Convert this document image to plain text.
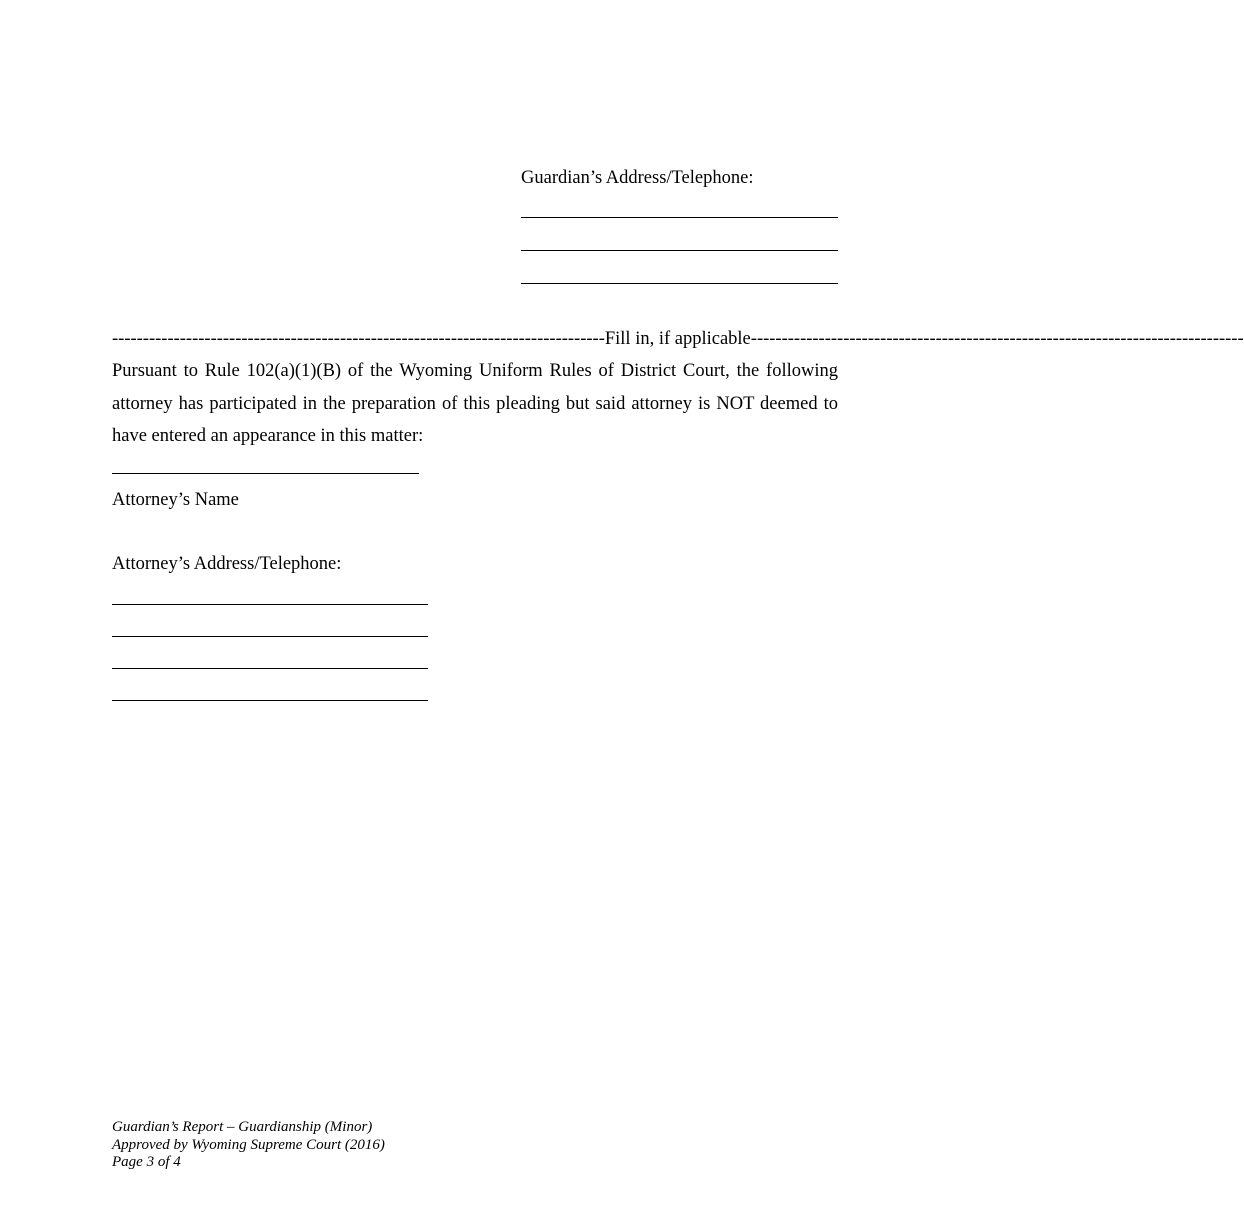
Guardian’s Address/Telephone:
-------------------------------------------------------------------------------- Fill in, if applicable --------------------------------------------------------------------------------
Pursuant to Rule 102(a)(1)(B) of the Wyoming Uniform Rules of District Court, the following attorney has participated in the preparation of this pleading but said attorney is NOT deemed to have entered an appearance in this matter:
Attorney’s Name
Attorney’s Address/Telephone:
Guardian’s Report – Guardianship (Minor)
Approved by Wyoming Supreme Court (2016)
Page 3 of 4
